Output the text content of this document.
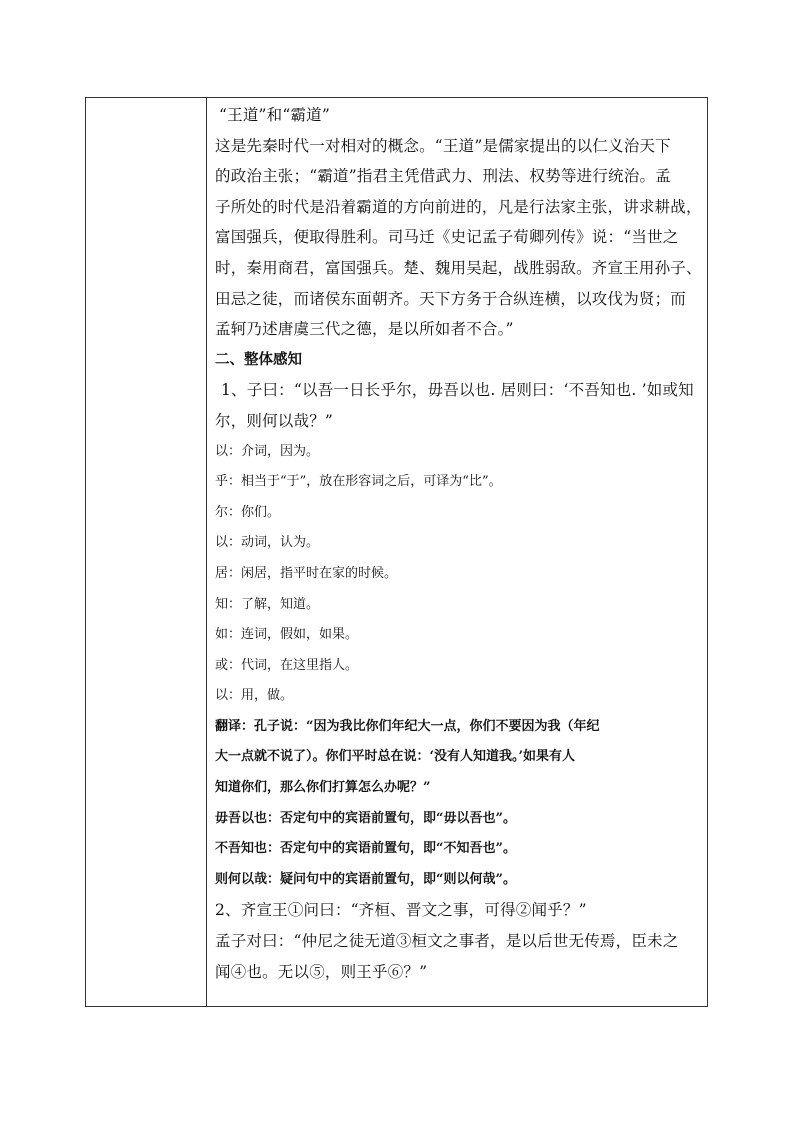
“王道”和“霸道”

这是先秦时代一对相对的概念。“王道”是儒家提出的以仁义治天下

的政治主张；“霸道”指君主凭借武力、刑法、权势等进行统治。孟

子所处的时代是沿着霸道的方向前进的，凡是行法家主张，讲求耕战，

富国强兵，便取得胜利。司马迁《史记孟子荀卿列传》说：“当世之

时，秦用商君，富国强兵。楚、魏用吴起，战胜弱敌。齐宣王用孙子、

田忌之徒，而诸侯东面朝齐。天下方务于合纵连横，以攻伐为贤；而

孟轲乃述唐虞三代之德，是以所如者不合。”

二、整体感知

1、子曰：“以吾一日长乎尔，毋吾以也. 居则曰：‘不吾知也. ’如或知

尔，则何以哉？”

以：介词，因为。

乎：相当于“于”，放在形容词之后，可译为“比”。

尔：你们。

以：动词，认为。

居：闲居，指平时在家的时候。

知：了解，知道。

如：连词，假如，如果。

或：代词，在这里指人。

以：用，做。

翻译：孔子说：“因为我比你们年纪大一点，你们不要因为我（年纪

大一点就不说了）。你们平时总在说：‘没有人知道我。’如果有人

知道你们，那么你们打算怎么办呢？”

毋吾以也：否定句中的宾语前置句，即“毋以吾也”。

不吾知也：否定句中的宾语前置句，即“不知吾也”。

则何以哉：疑问句中的宾语前置句，即“则以何哉”。

2、齐宣王①问曰：“齐桓、晋文之事，可得②闻乎？”

孟子对曰：“仲尼之徒无道③桓文之事者，是以后世无传焉，臣未之

闻④也。无以⑤，则王乎⑥？”
